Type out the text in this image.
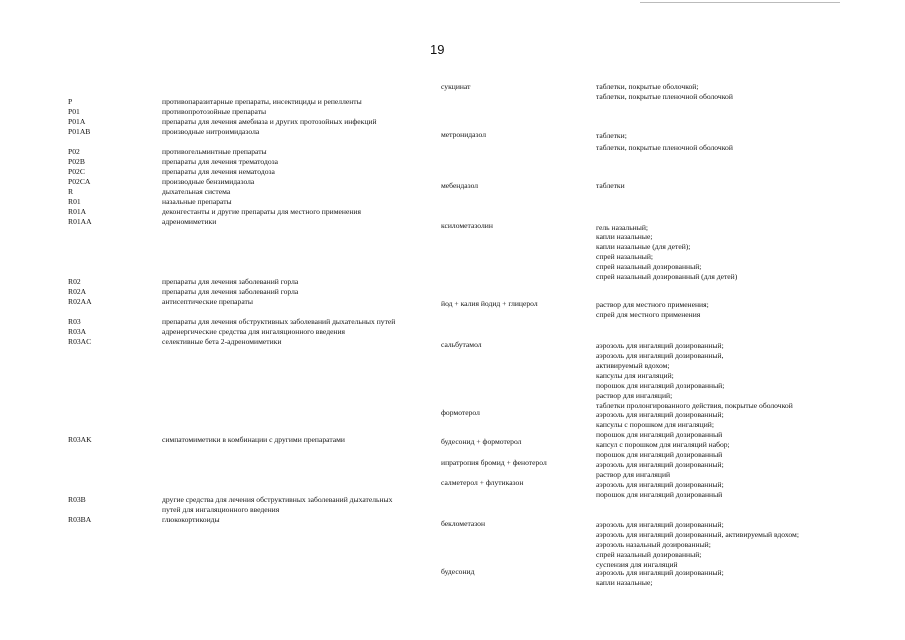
19
P	противопаразитарные препараты, инсектициды и репелленты
P01	противопротозойные препараты
P01A	препараты для лечения амебиаза и других протозойных инфекций
P01AB	производные нитроимидазола
P02	противогельминтные препараты
P02B	препараты для лечения трематодоза
P02C	препараты для лечения нематодоза
P02CA	производные бензимидазола
R	дыхательная система
R01	назальные препараты
R01A	деконгестанты и другие препараты для местного применения
R01AA	адреномиметики
R02	препараты для лечения заболеваний горла
R02A	препараты для лечения заболеваний горла
R02AA	антисептические препараты
R03	препараты для лечения обструктивных заболеваний дыхательных путей
R03A	адренергические средства для ингаляционного введения
R03AC	селективные бета 2-адреномиметики
R03AK	симпатомиметики в комбинации с другими препаратами
R03B	другие средства для лечения обструктивных заболеваний дыхательных
путей для ингаляционного введения
R03BA	глюкокортикоиды
сукцинат	таблетки, покрытые оболочкой;
таблетки, покрытые пленочной оболочкой
метронидазол	таблетки;
таблетки, покрытые пленочной оболочкой
мебендазол	таблетки
ксилометазолин	гель назальный;
капли назальные;
капли назальные (для детей);
спрей назальный;
спрей назальный дозированный;
спрей назальный дозированный (для детей)
йод + калия йодид + глицерол	раствор для местного применения;
спрей для местного применения
сальбутамол	аэрозоль для ингаляций дозированный;
аэрозоль для ингаляций дозированный,
активируемый вдохом;
капсулы для ингаляций;
порошок для ингаляций дозированный;
раствор для ингаляций;
таблетки пролонгированного действия, покрытые оболочкой
формотерол	аэрозоль для ингаляций дозированный;
капсулы с порошком для ингаляций;
порошок для ингаляций дозированный
будесонид + формотерол	капсул с порошком для ингаляций набор;
порошок для ингаляций дозированный
ипратропия бромид + фенотерол	аэрозоль для ингаляций дозированный;
раствор для ингаляций
салметерол + флутиказон	аэрозоль для ингаляций дозированный;
порошок для ингаляций дозированный
беклометазон	аэрозоль для ингаляций дозированный;
аэрозоль для ингаляций дозированный, активируемый вдохом;
аэрозоль назальный дозированный;
спрей назальный дозированный;
суспензия для ингаляций
будесонид	аэрозоль для ингаляций дозированный;
капли назальные;
